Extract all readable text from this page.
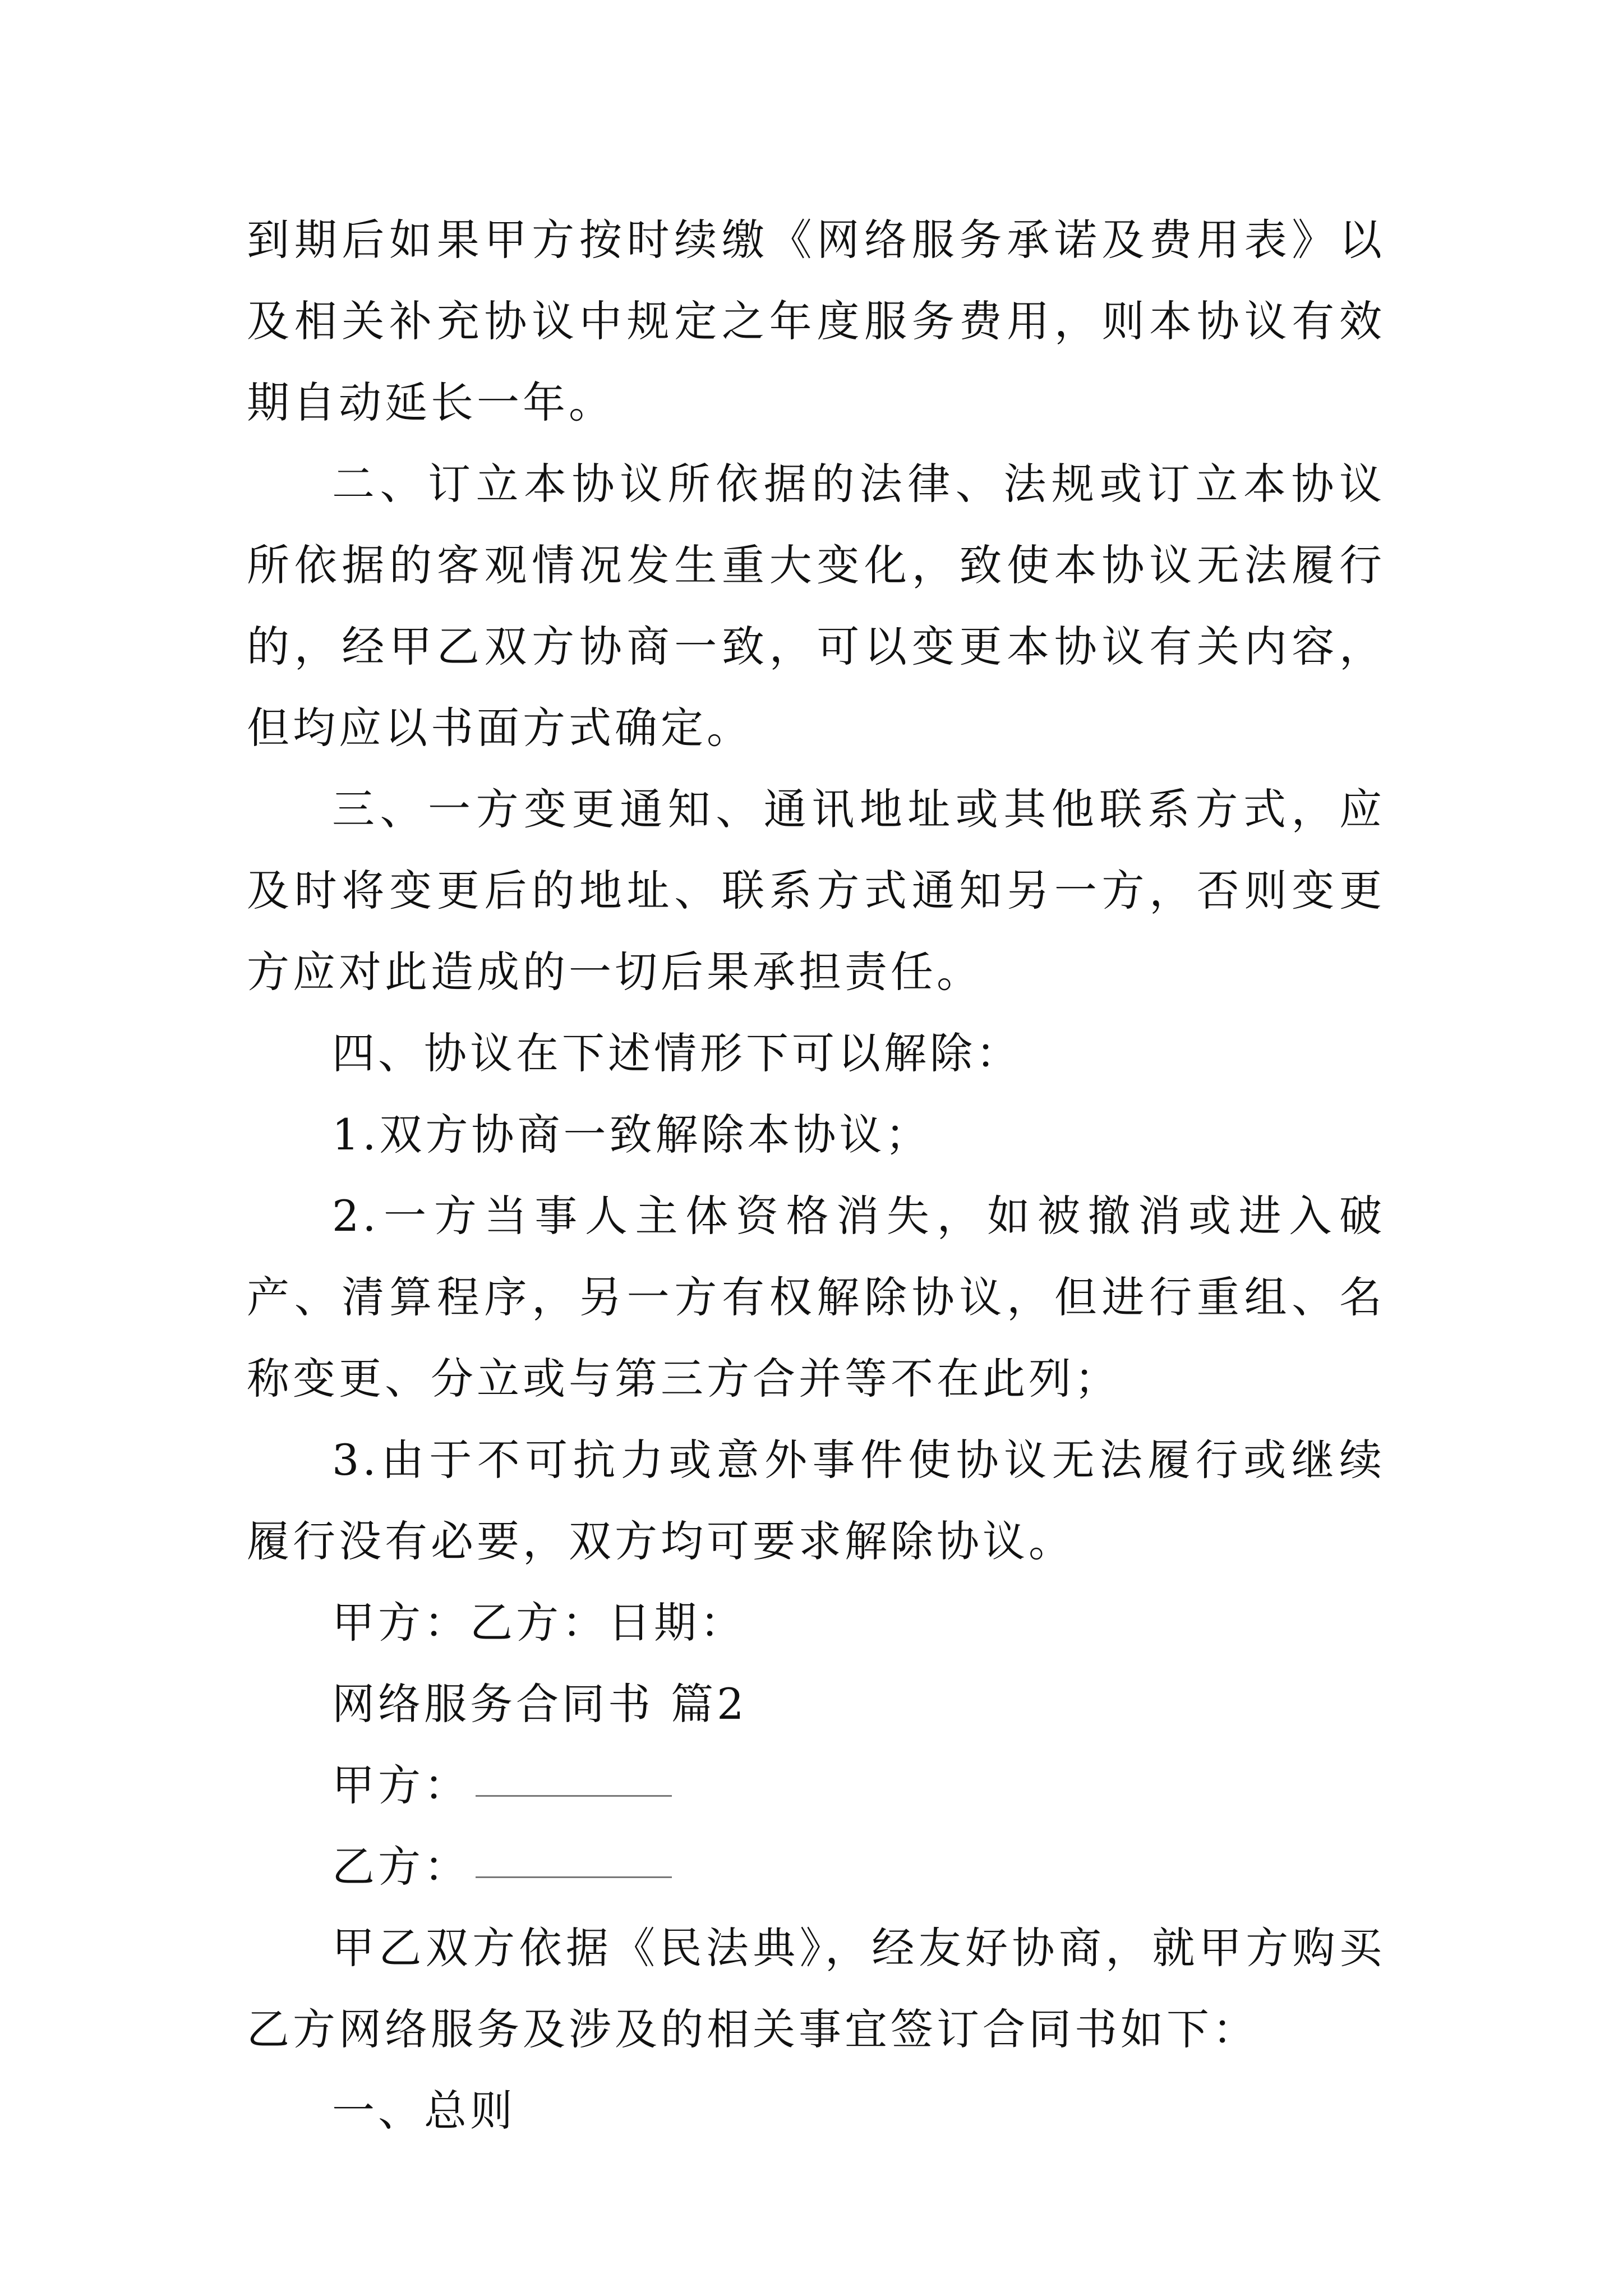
到期后如果甲方按时续缴《网络服务承诺及费用表》以及相关补充协议中规定之年度服务费用，则本协议有效期自动延长一年。

二、订立本协议所依据的法律、法规或订立本协议所依据的客观情况发生重大变化，致使本协议无法履行的，经甲乙双方协商一致，可以变更本协议有关内容，但均应以书面方式确定。

三、一方变更通知、通讯地址或其他联系方式，应及时将变更后的地址、联系方式通知另一方，否则变更方应对此造成的一切后果承担责任。

四、协议在下述情形下可以解除：

1.双方协商一致解除本协议；

2.一方当事人主体资格消失，如被撤消或进入破产、清算程序，另一方有权解除协议，但进行重组、名称变更、分立或与第三方合并等不在此列；

3.由于不可抗力或意外事件使协议无法履行或继续履行没有必要，双方均可要求解除协议。

甲方：乙方：日期：

网络服务合同书 篇2

甲方：

乙方：

甲乙双方依据《民法典》，经友好协商，就甲方购买乙方网络服务及涉及的相关事宜签订合同书如下：

一、总则
